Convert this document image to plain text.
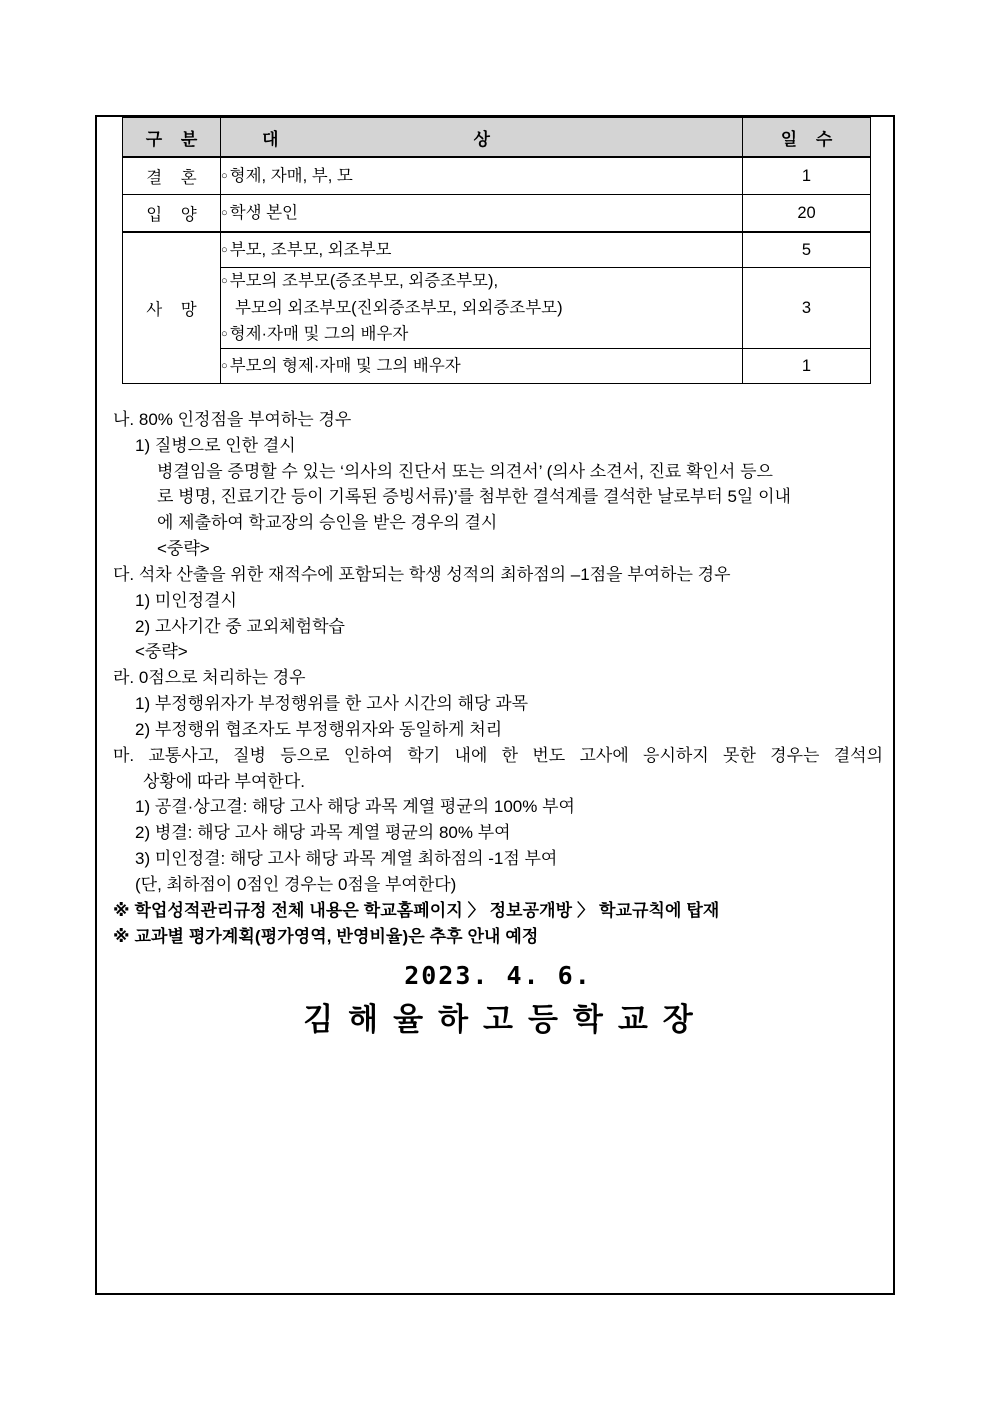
구 분	대 상	일 수
결 혼	○ 형제, 자매, 부, 모	1
입 양	○ 학생 본인	20
사 망	○ 부모, 조부모, 외조부모	5

	○ 부모의 조부모(증조부모, 외증조부모),
부모의 외조부모(진외증조부모, 외외증조부모)
○ 형제·자매 및 그의 배우자	3

	○ 부모의 형제·자매 및 그의 배우자	1
나. 80% 인정점을 부여하는 경우
1) 질병으로 인한 결시
병결임을 증명할 수 있는 ‘의사의 진단서 또는 의견서’ (의사 소견서, 진료 확인서 등으
로 병명, 진료기간 등이 기록된 증빙서류)’를 첨부한 결석계를 결석한 날로부터 5일 이내
에 제출하여 학교장의 승인을 받은 경우의 결시
<중략>
다. 석차 산출을 위한 재적수에 포함되는 학생 성적의 최하점의 –1점을 부여하는 경우
1) 미인정결시
2) 고사기간 중 교외체험학습
<중략>
라. 0점으로 처리하는 경우
1) 부정행위자가 부정행위를 한 고사 시간의 해당 과목
2) 부정행위 협조자도 부정행위자와 동일하게 처리
마. 교통사고, 질병 등으로 인하여 학기 내에 한 번도 고사에 응시하지 못한 경우는 결석의
상황에 따라 부여한다.
1) 공결·상고결: 해당 고사 해당 과목 계열 평균의 100% 부여
2) 병결: 해당 고사 해당 과목 계열 평균의 80% 부여
3) 미인정결: 해당 고사 해당 과목 계열 최하점의 -1점 부여
(단, 최하점이 0점인 경우는 0점을 부여한다)
※ 학업성적관리규정 전체 내용은 학교홈페이지 〉 정보공개방 〉 학교규칙에 탑재
※ 교과별 평가계획(평가영역, 반영비율)은 추후 안내 예정
2023. 4. 6.
김해율하고등학교장
